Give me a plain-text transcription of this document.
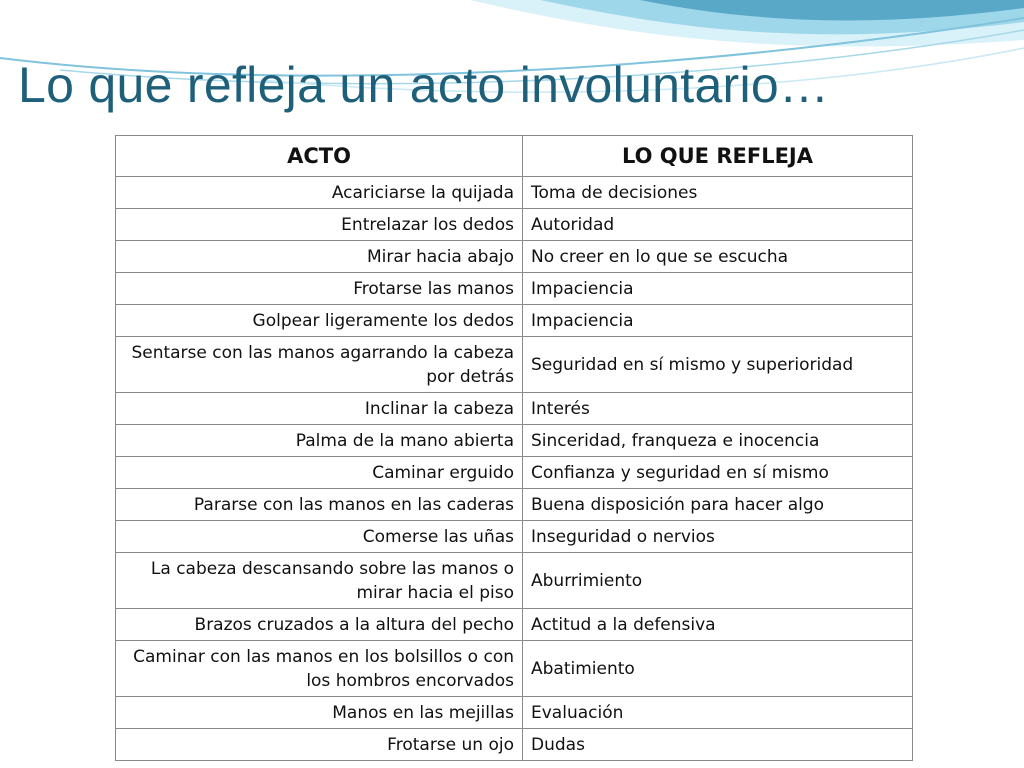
Lo que refleja un acto involuntario…
ACTO	LO QUE REFLEJA
Acariciarse la quijada	Toma de decisiones
Entrelazar los dedos	Autoridad
Mirar hacia abajo	No creer en lo que se escucha
Frotarse las manos	Impaciencia
Golpear ligeramente los dedos	Impaciencia
Sentarse con las manos agarrando la cabeza por detrás	Seguridad en sí mismo y superioridad
Inclinar la cabeza	Interés
Palma de la mano abierta	Sinceridad, franqueza e inocencia
Caminar erguido	Confianza y seguridad en sí mismo
Pararse con las manos en las caderas	Buena disposición para hacer algo
Comerse las uñas	Inseguridad o nervios
La cabeza descansando sobre las manos o mirar hacia el piso	Aburrimiento
Brazos cruzados a la altura del pecho	Actitud a la defensiva
Caminar con las manos en los bolsillos o con los hombros encorvados	Abatimiento
Manos en las mejillas	Evaluación
Frotarse un ojo	Dudas
